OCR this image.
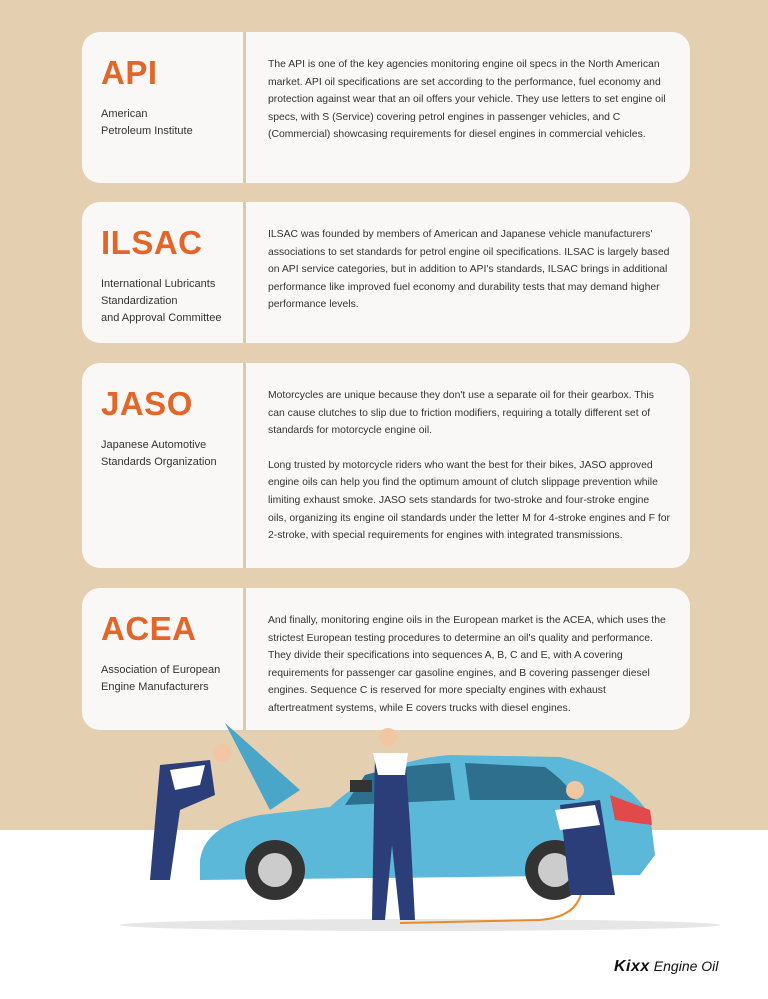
API
American
Petroleum Institute

The API is one of the key agencies monitoring engine oil specs in the North American market. API oil specifications are set according to the performance, fuel economy and protection against wear that an oil offers your vehicle. They use letters to set engine oil specs, with S (Service) covering petrol engines in passenger vehicles, and C (Commercial) showcasing requirements for diesel engines in commercial vehicles.

ILSAC
International Lubricants
Standardization
and Approval Committee

ILSAC was founded by members of American and Japanese vehicle manufacturers' associations to set standards for petrol engine oil specifications. ILSAC is largely based on API service categories, but in addition to API's standards, ILSAC brings in additional performance like improved fuel economy and durability tests that may demand higher performance levels.

JASO
Japanese Automotive
Standards Organization

Motorcycles are unique because they don't use a separate oil for their gearbox. This can cause clutches to slip due to friction modifiers, requiring a totally different set of standards for motorcycle engine oil.

Long trusted by motorcycle riders who want the best for their bikes, JASO approved engine oils can help you find the optimum amount of clutch slippage prevention while limiting exhaust smoke. JASO sets standards for two-stroke and four-stroke engine oils, organizing its engine oil standards under the letter M for 4-stroke engines and F for 2-stroke, with special requirements for engines with integrated transmissions.

ACEA
Association of European
Engine Manufacturers

And finally, monitoring engine oils in the European market is the ACEA, which uses the strictest European testing procedures to determine an oil's quality and performance. They divide their specifications into sequences A, B, C and E, with A covering requirements for passenger car gasoline engines, and B covering passenger diesel engines. Sequence C is reserved for more specialty engines with exhaust aftertreatment systems, while E covers trucks with diesel engines.

Kixx Engine Oil
